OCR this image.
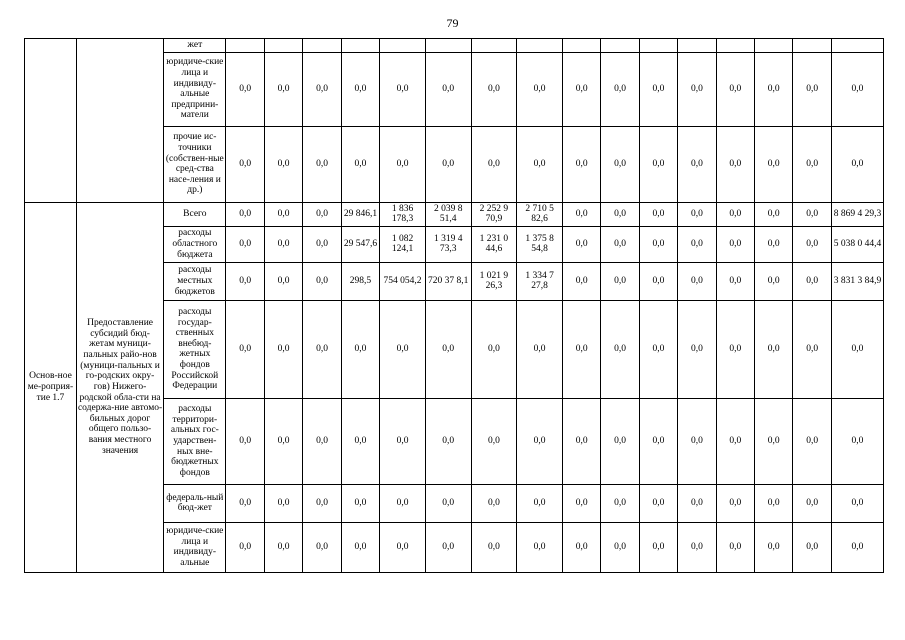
79
		жет																
		юридиче-ские лица и индивиду-альные предприни-матели	0,0	0,0	0,0	0,0	0,0	0,0	0,0	0,0	0,0	0,0	0,0	0,0	0,0	0,0	0,0	0,0
		прочие ис-точники (собствен-ные сред-ства насе-ления и др.)	0,0	0,0	0,0	0,0	0,0	0,0	0,0	0,0	0,0	0,0	0,0	0,0	0,0	0,0	0,0	0,0
Основ-ное ме-роприя-тие 1.7	Предоставление субсидий бюд-жетам муници-пальных райо-нов (муници-пальных и го-родских окру-гов) Нижего-родской обла-сти на содержа-ние автомо-бильных дорог общего пользо-вания местного значения	Всего	0,0	0,0	0,0	29 846,1	1 836 178,3	2 039 8 51,4	2 252 9 70,9	2 710 5 82,6	0,0	0,0	0,0	0,0	0,0	0,0	0,0	8 869 4 29,3
		расходы областного бюджета	0,0	0,0	0,0	29 547,6	1 082 124,1	1 319 4 73,3	1 231 0 44,6	1 375 8 54,8	0,0	0,0	0,0	0,0	0,0	0,0	0,0	5 038 0 44,4
		расходы местных бюджетов	0,0	0,0	0,0	298,5	754 054,2	720 37 8,1	1 021 9 26,3	1 334 7 27,8	0,0	0,0	0,0	0,0	0,0	0,0	0,0	3 831 3 84,9
		расходы государ-ственных внебюд-жетных фондов Российской Федерации	0,0	0,0	0,0	0,0	0,0	0,0	0,0	0,0	0,0	0,0	0,0	0,0	0,0	0,0	0,0	0,0
		расходы территори-альных гос-ударствен-ных вне-бюджетных фондов	0,0	0,0	0,0	0,0	0,0	0,0	0,0	0,0	0,0	0,0	0,0	0,0	0,0	0,0	0,0	0,0
		федераль-ный бюд-жет	0,0	0,0	0,0	0,0	0,0	0,0	0,0	0,0	0,0	0,0	0,0	0,0	0,0	0,0	0,0	0,0
		юридиче-ские лица и индивиду-альные	0,0	0,0	0,0	0,0	0,0	0,0	0,0	0,0	0,0	0,0	0,0	0,0	0,0	0,0	0,0	0,0
